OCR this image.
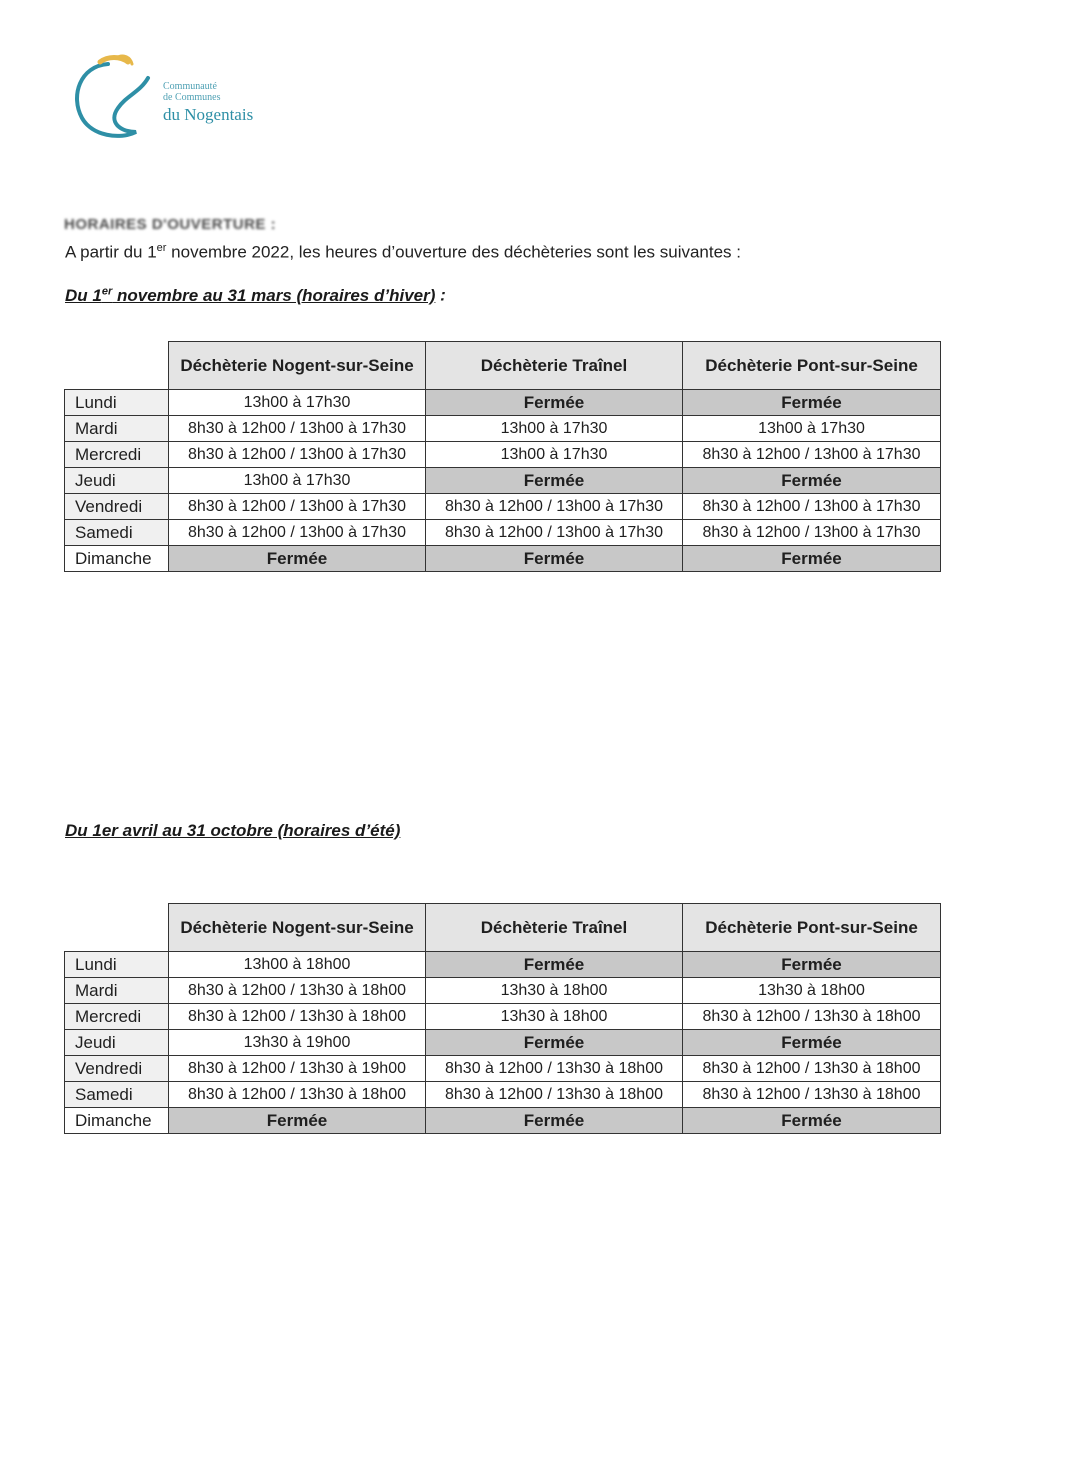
Communauté
de Communes
du Nogentais
HORAIRES D'OUVERTURE :
A partir du 1er novembre 2022, les heures d’ouverture des déchèteries sont les suivantes :
Du 1er novembre au 31 mars (horaires d’hiver) :
	Déchèterie Nogent-sur-Seine	Déchèterie Traînel	Déchèterie Pont-sur-Seine
Lundi	13h00 à 17h30	Fermée	Fermée
Mardi	8h30 à 12h00 / 13h00 à 17h30	13h00 à 17h30	13h00 à 17h30
Mercredi	8h30 à 12h00 / 13h00 à 17h30	13h00 à 17h30	8h30 à 12h00 / 13h00 à 17h30
Jeudi	13h00 à 17h30	Fermée	Fermée
Vendredi	8h30 à 12h00 / 13h00 à 17h30	8h30 à 12h00 / 13h00 à 17h30	8h30 à 12h00 / 13h00 à 17h30
Samedi	8h30 à 12h00 / 13h00 à 17h30	8h30 à 12h00 / 13h00 à 17h30	8h30 à 12h00 / 13h00 à 17h30
Dimanche	Fermée	Fermée	Fermée
Du 1er avril au 31 octobre (horaires d’été)
	Déchèterie Nogent-sur-Seine	Déchèterie Traînel	Déchèterie Pont-sur-Seine
Lundi	13h00 à 18h00	Fermée	Fermée
Mardi	8h30 à 12h00 / 13h30 à 18h00	13h30 à 18h00	13h30 à 18h00
Mercredi	8h30 à 12h00 / 13h30 à 18h00	13h30 à 18h00	8h30 à 12h00 / 13h30 à 18h00
Jeudi	13h30 à 19h00	Fermée	Fermée
Vendredi	8h30 à 12h00 / 13h30 à 19h00	8h30 à 12h00 / 13h30 à 18h00	8h30 à 12h00 / 13h30 à 18h00
Samedi	8h30 à 12h00 / 13h30 à 18h00	8h30 à 12h00 / 13h30 à 18h00	8h30 à 12h00 / 13h30 à 18h00
Dimanche	Fermée	Fermée	Fermée
